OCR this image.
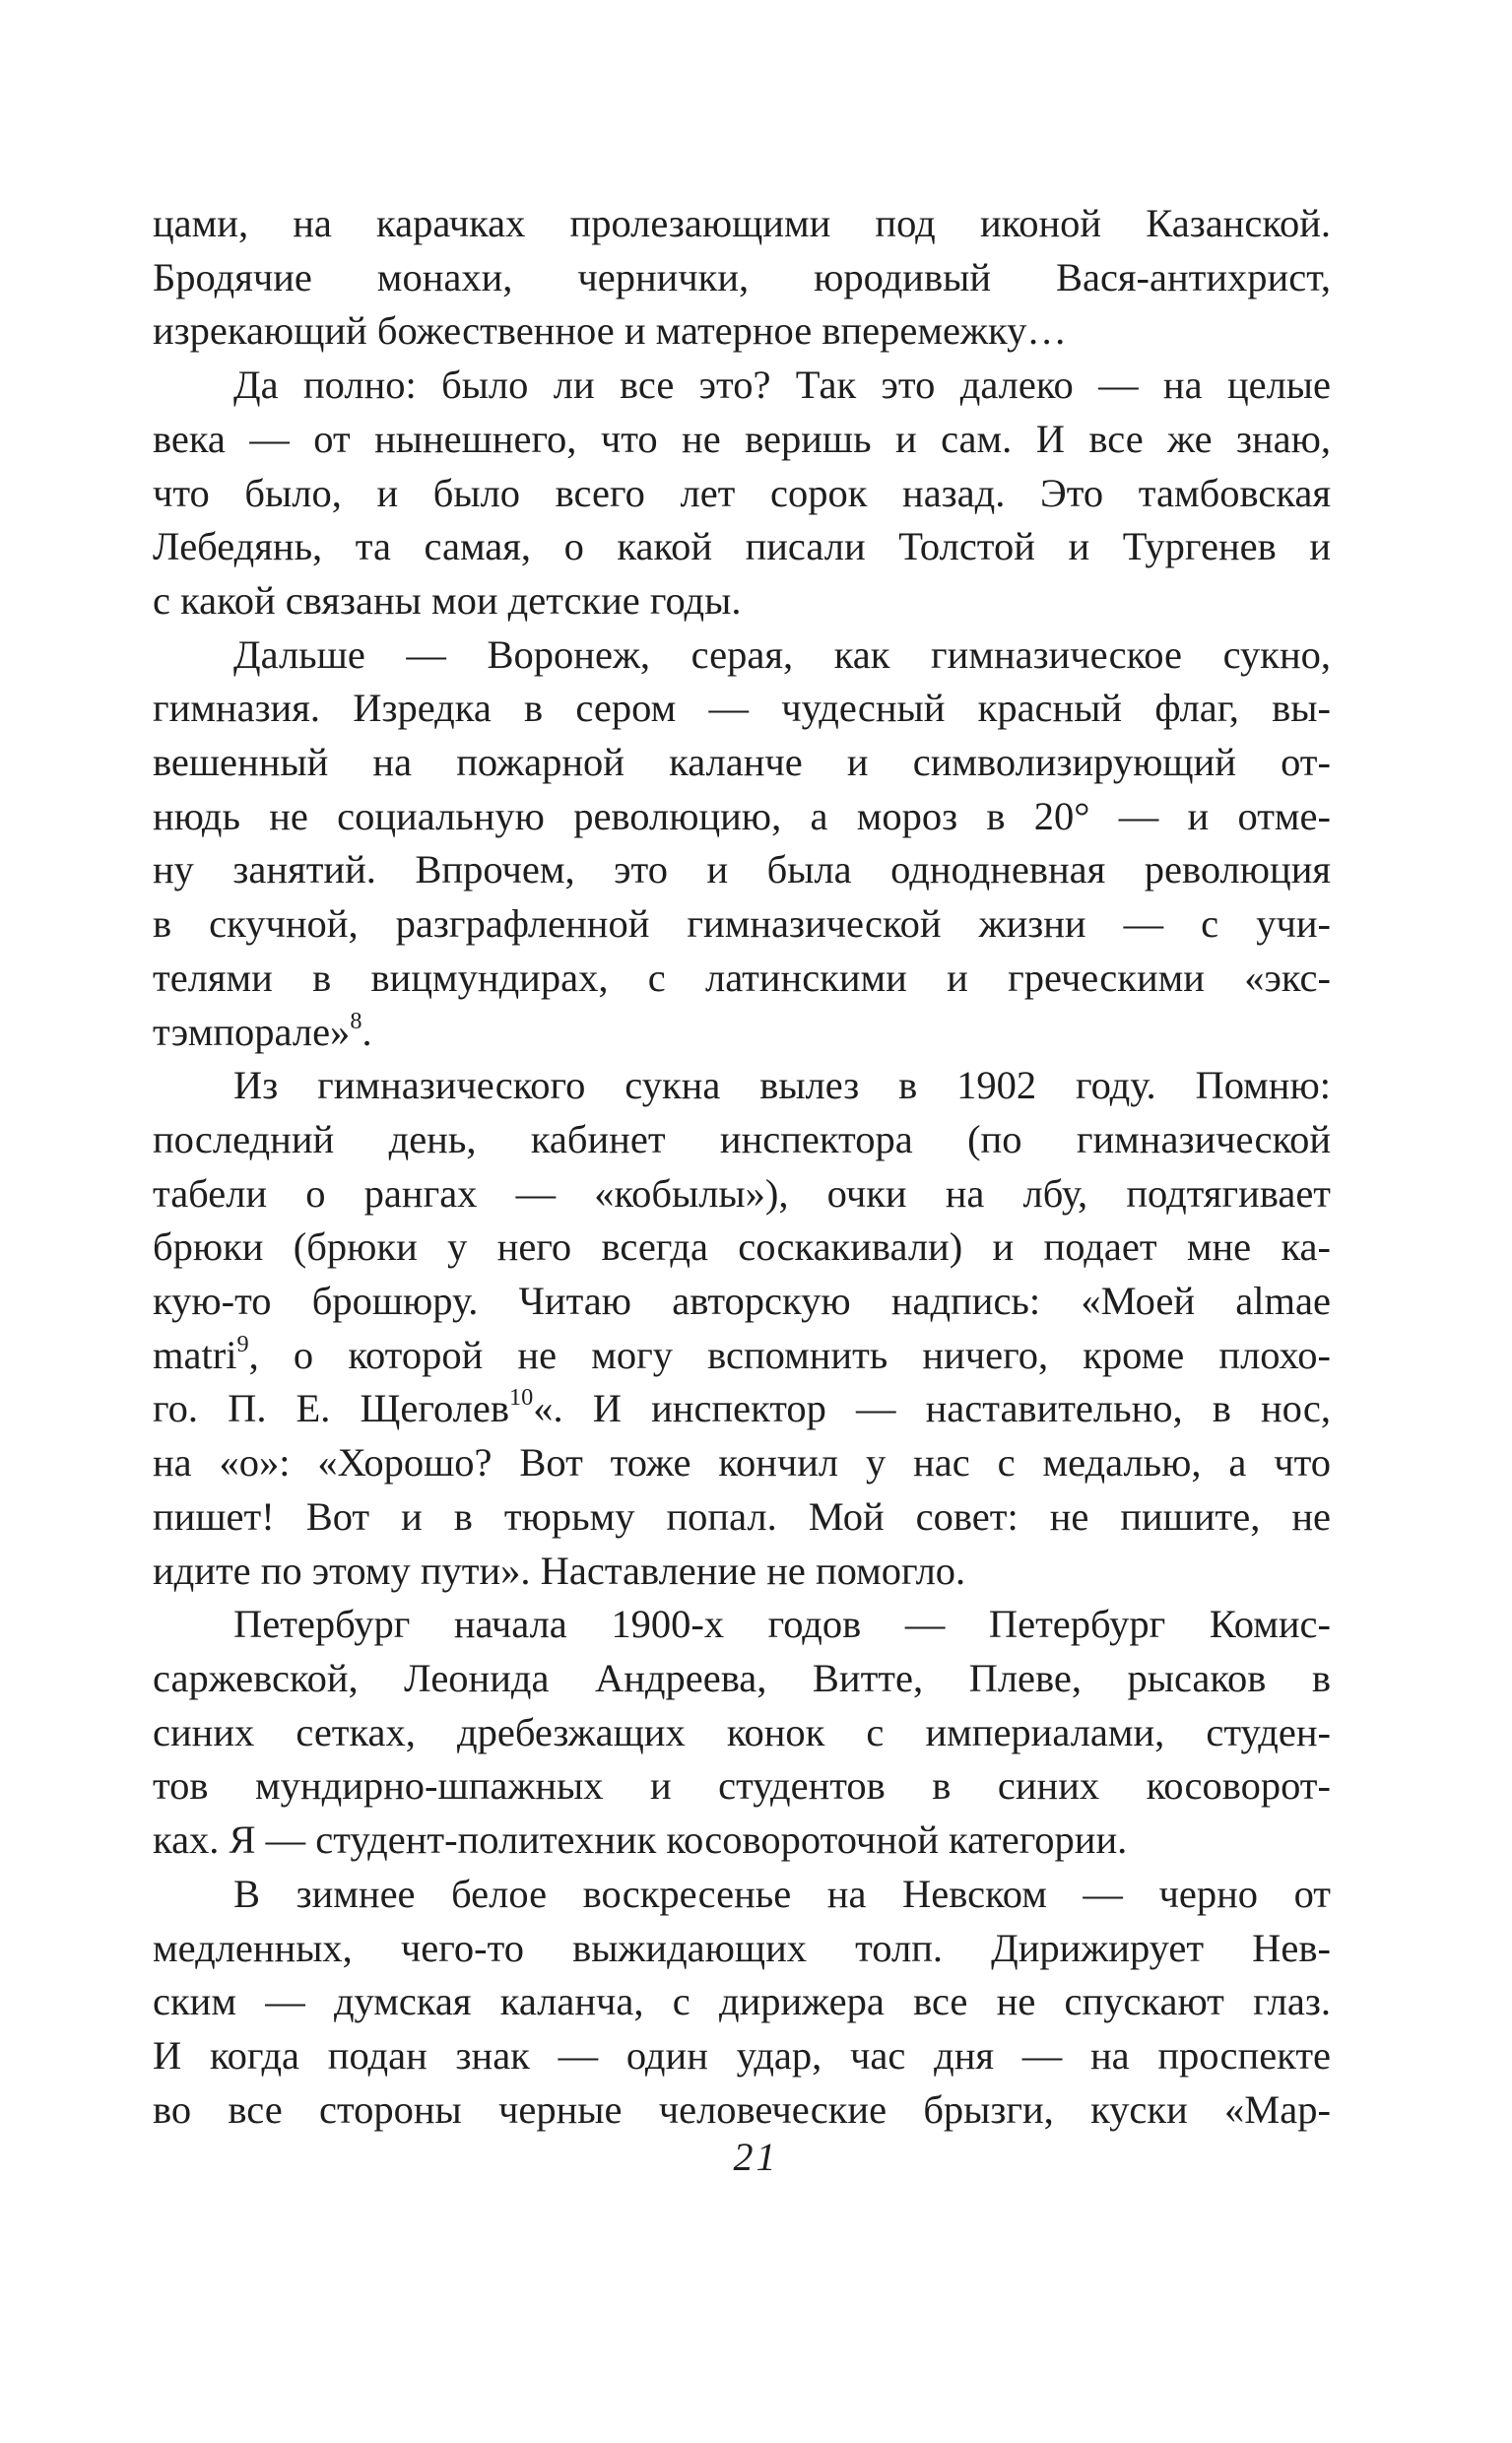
цами, на карачках пролезающими под иконой Казанской.
Бродячие монахи, чернички, юродивый Вася-антихрист,
изрекающий божественное и матерное вперемежку…
Да полно: было ли все это? Так это далеко — на целые
века — от нынешнего, что не веришь и сам. И все же знаю,
что было, и было всего лет сорок назад. Это тамбовская
Лебедянь, та самая, о какой писали Толстой и Тургенев и
с какой связаны мои детские годы.
Дальше — Воронеж, серая, как гимназическое сукно,
гимназия. Изредка в сером — чудесный красный флаг, вы-
вешенный на пожарной каланче и символизирующий от-
нюдь не социальную революцию, а мороз в 20° — и отме-
ну занятий. Впрочем, это и была однодневная революция
в скучной, разграфленной гимназической жизни — с учи-
телями в вицмундирах, с латинскими и греческими «экс-
тэмпорале»$^8$.
Из гимназического сукна вылез в 1902 году. Помню:
последний день, кабинет инспектора (по гимназической
табели о рангах — «кобылы»), очки на лбу, подтягивает
брюки (брюки у него всегда соскакивали) и подает мне ка-
кую-то брошюру. Читаю авторскую надпись: «Моей almae
matri$^9$, о которой не могу вспомнить ничего, кроме плохо-
го. П. Е. Щеголев$^{10}$«. И инспектор — наставительно, в нос,
на «о»: «Хорошо? Вот тоже кончил у нас с медалью, а что
пишет! Вот и в тюрьму попал. Мой совет: не пишите, не
идите по этому пути». Наставление не помогло.
Петербург начала 1900-х годов — Петербург Комис-
саржевской, Леонида Андреева, Витте, Плеве, рысаков в
синих сетках, дребезжащих конок с империалами, студен-
тов мундирно-шпажных и студентов в синих косоворот-
ках. Я — студент-политехник косовороточной категории.
В зимнее белое воскресенье на Невском — черно от
медленных, чего-то выжидающих толп. Дирижирует Нев-
ским — думская каланча, с дирижера все не спускают глаз.
И когда подан знак — один удар, час дня — на проспекте
во все стороны черные человеческие брызги, куски «Мар-
21
